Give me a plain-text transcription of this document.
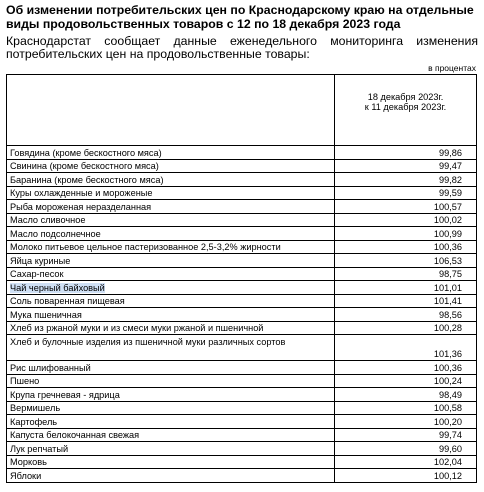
Об изменении потребительских цен по Краснодарскому краю на отдельные виды продовольственных товаров с 12 по 18 декабря 2023 года

Краснодарстат сообщает данные еженедельного мониторинга изменения потребительских цен на продовольственные товары:

в процентах

	18 декабря 2023г.
к 11 декабря 2023г.

Говядина (кроме бескостного мяса)	99,86
Свинина (кроме бескостного мяса)	99,47
Баранина (кроме бескостного мяса)	99,82
Куры охлажденные и мороженые	99,59
Рыба мороженая неразделанная	100,57
Масло сливочное	100,02
Масло подсолнечное	100,99
Молоко питьевое цельное пастеризованное 2,5-3,2% жирности	100,36
Яйца куриные	106,53
Сахар-песок	98,75
Чай черный байховый	101,01
Соль поваренная пищевая	101,41
Мука пшеничная	98,56
Хлеб из ржаной муки и из смеси муки ржаной и пшеничной	100,28
Хлеб и булочные изделия из пшеничной муки различных сортов	101,36
Рис шлифованный	100,36
Пшено	100,24
Крупа гречневая - ядрица	98,49
Вермишель	100,58
Картофель	100,20
Капуста белокочанная свежая	99,74
Лук репчатый	99,60
Морковь	102,04
Яблоки	100,12
